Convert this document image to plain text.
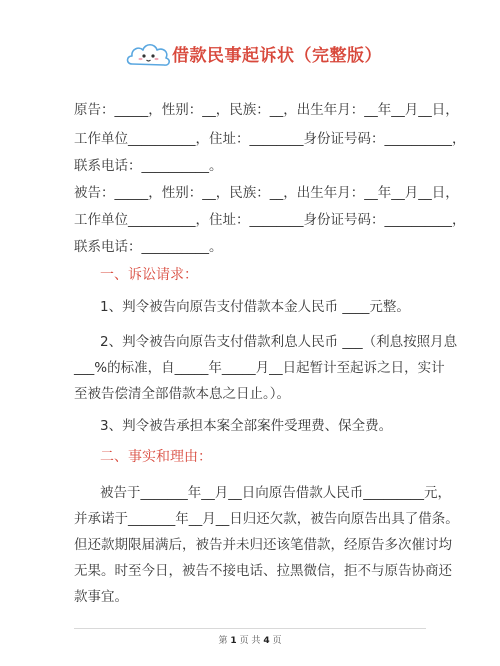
借款民事起诉状（完整版）
原告：_____，性别：__，民族：__，出生年月：__年__月__日，
工作单位__________，住址：________身份证号码：__________，
联系电话：__________。
被告：_____，性别：__，民族：__，出生年月：__年__月__日，
工作单位__________，住址：________身份证号码：__________，
联系电话：__________。
一、诉讼请求：
1、判令被告向原告支付借款本金人民币 ____元整。
2、判令被告向原告支付借款利息人民币 ___（利息按照月息
___%的标准，自_____年_____月__日起暂计至起诉之日，实计
至被告偿清全部借款本息之日止。）。
3、判令被告承担本案全部案件受理费、保全费。
二、事实和理由：
被告于_______年__月__日向原告借款人民币_________元，
并承诺于_______年__月__日归还欠款，被告向原告出具了借条。
但还款期限届满后，被告并未归还该笔借款，经原告多次催讨均
无果。时至今日，被告不接电话、拉黑微信，拒不与原告协商还
款事宜。
第 1 页 共 4 页
